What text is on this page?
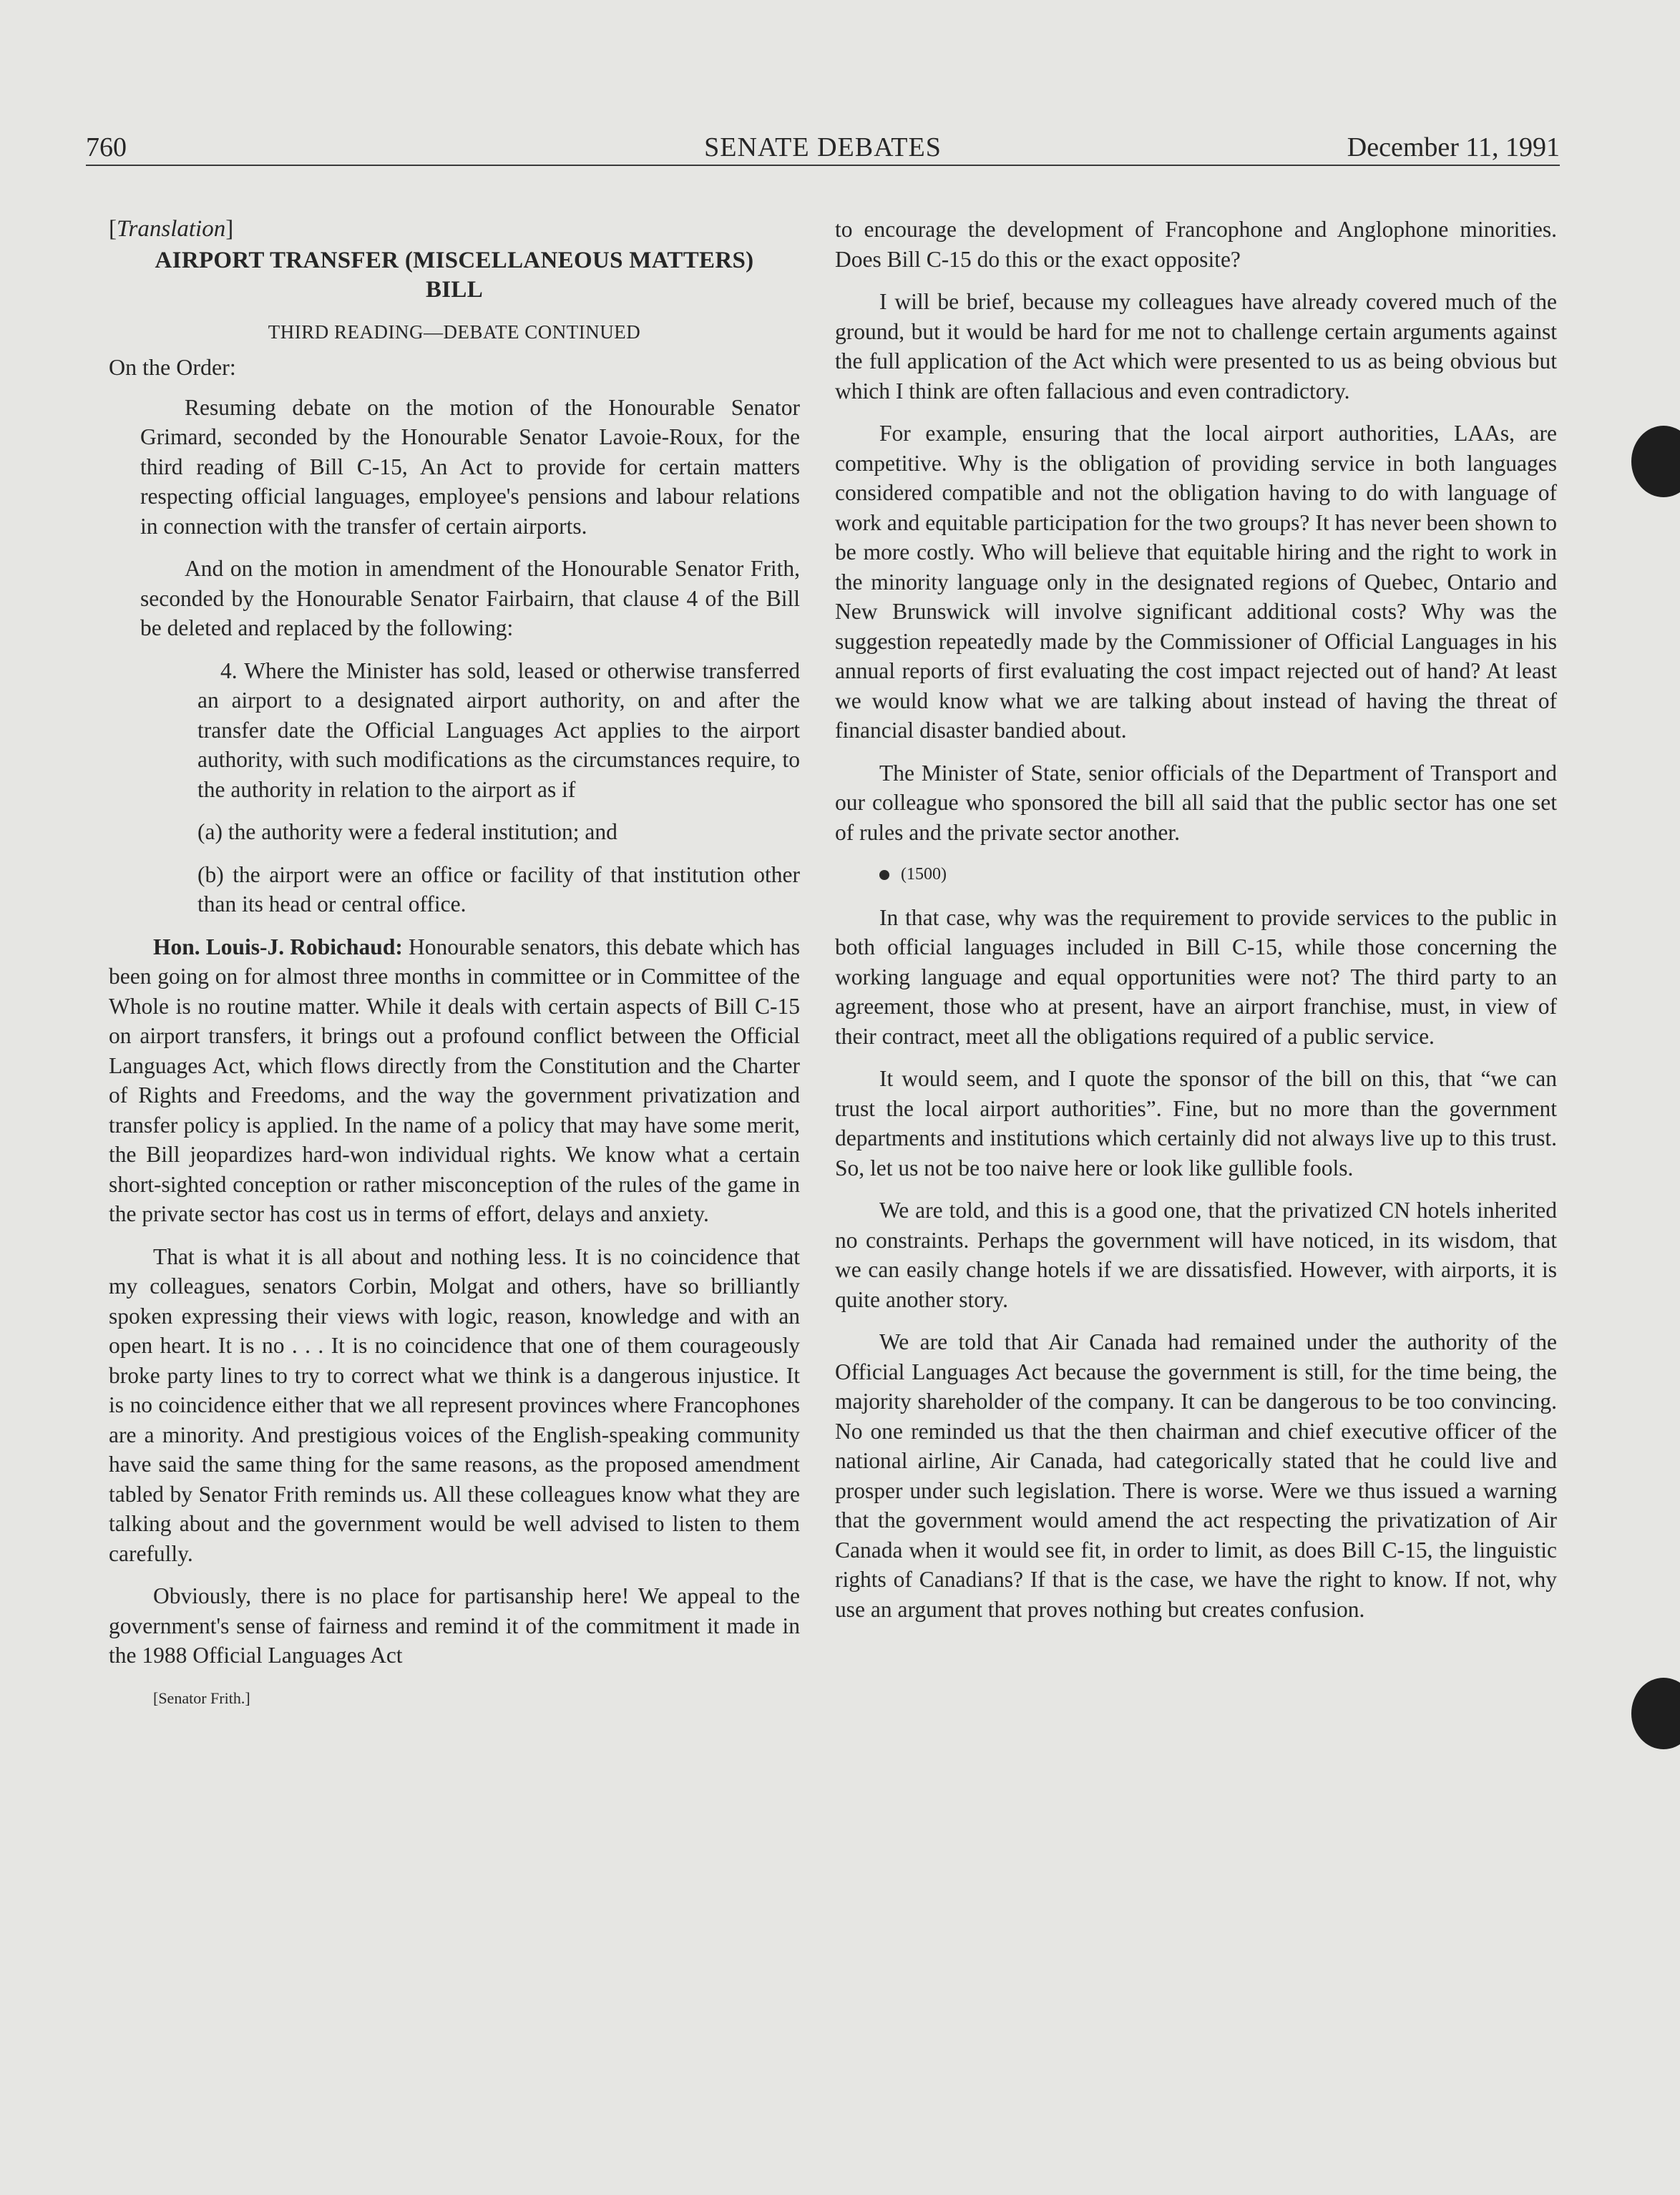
760	SENATE DEBATES	December 11, 1991

[Translation]

AIRPORT TRANSFER (MISCELLANEOUS MATTERS)
BILL
THIRD READING—DEBATE CONTINUED

On the Order:

Resuming debate on the motion of the Honourable Senator Grimard, seconded by the Honourable Senator Lavoie-Roux, for the third reading of Bill C-15, An Act to provide for certain matters respecting official languages, employee's pensions and labour relations in connection with the transfer of certain airports.

And on the motion in amendment of the Honourable Senator Frith, seconded by the Honourable Senator Fairbairn, that clause 4 of the Bill be deleted and replaced by the following:

4. Where the Minister has sold, leased or otherwise transferred an airport to a designated airport authority, on and after the transfer date the Official Languages Act applies to the airport authority, with such modifications as the circumstances require, to the authority in relation to the airport as if

(a) the authority were a federal institution; and

(b) the airport were an office or facility of that institution other than its head or central office.

Hon. Louis-J. Robichaud: Honourable senators, this debate which has been going on for almost three months in committee or in Committee of the Whole is no routine matter. While it deals with certain aspects of Bill C-15 on airport transfers, it brings out a profound conflict between the Official Languages Act, which flows directly from the Constitution and the Charter of Rights and Freedoms, and the way the government privatization and transfer policy is applied. In the name of a policy that may have some merit, the Bill jeopardizes hard-won individual rights. We know what a certain short-sighted conception or rather misconception of the rules of the game in the private sector has cost us in terms of effort, delays and anxiety.

That is what it is all about and nothing less. It is no coincidence that my colleagues, senators Corbin, Molgat and others, have so brilliantly spoken expressing their views with logic, reason, knowledge and with an open heart. It is no . . . It is no coincidence that one of them courageously broke party lines to try to correct what we think is a dangerous injustice. It is no coincidence either that we all represent provinces where Francophones are a minority. And prestigious voices of the English-speaking community have said the same thing for the same reasons, as the proposed amendment tabled by Senator Frith reminds us. All these colleagues know what they are talking about and the government would be well advised to listen to them carefully.

Obviously, there is no place for partisanship here! We appeal to the government's sense of fairness and remind it of the commitment it made in the 1988 Official Languages Act

[Senator Frith.]

to encourage the development of Francophone and Anglophone minorities. Does Bill C-15 do this or the exact opposite?

I will be brief, because my colleagues have already covered much of the ground, but it would be hard for me not to challenge certain arguments against the full application of the Act which were presented to us as being obvious but which I think are often fallacious and even contradictory.

For example, ensuring that the local airport authorities, LAAs, are competitive. Why is the obligation of providing service in both languages considered compatible and not the obligation having to do with language of work and equitable participation for the two groups? It has never been shown to be more costly. Who will believe that equitable hiring and the right to work in the minority language only in the designated regions of Quebec, Ontario and New Brunswick will involve significant additional costs? Why was the suggestion repeatedly made by the Commissioner of Official Languages in his annual reports of first evaluating the cost impact rejected out of hand? At least we would know what we are talking about instead of having the threat of financial disaster bandied about.

The Minister of State, senior officials of the Department of Transport and our colleague who sponsored the bill all said that the public sector has one set of rules and the private sector another.

(1500)

In that case, why was the requirement to provide services to the public in both official languages included in Bill C-15, while those concerning the working language and equal opportunities were not? The third party to an agreement, those who at present, have an airport franchise, must, in view of their contract, meet all the obligations required of a public service.

It would seem, and I quote the sponsor of the bill on this, that “we can trust the local airport authorities”. Fine, but no more than the government departments and institutions which certainly did not always live up to this trust. So, let us not be too naive here or look like gullible fools.

We are told, and this is a good one, that the privatized CN hotels inherited no constraints. Perhaps the government will have noticed, in its wisdom, that we can easily change hotels if we are dissatisfied. However, with airports, it is quite another story.

We are told that Air Canada had remained under the authority of the Official Languages Act because the government is still, for the time being, the majority shareholder of the company. It can be dangerous to be too convincing. No one reminded us that the then chairman and chief executive officer of the national airline, Air Canada, had categorically stated that he could live and prosper under such legislation. There is worse. Were we thus issued a warning that the government would amend the act respecting the privatization of Air Canada when it would see fit, in order to limit, as does Bill C-15, the linguistic rights of Canadians? If that is the case, we have the right to know. If not, why use an argument that proves nothing but creates confusion.
